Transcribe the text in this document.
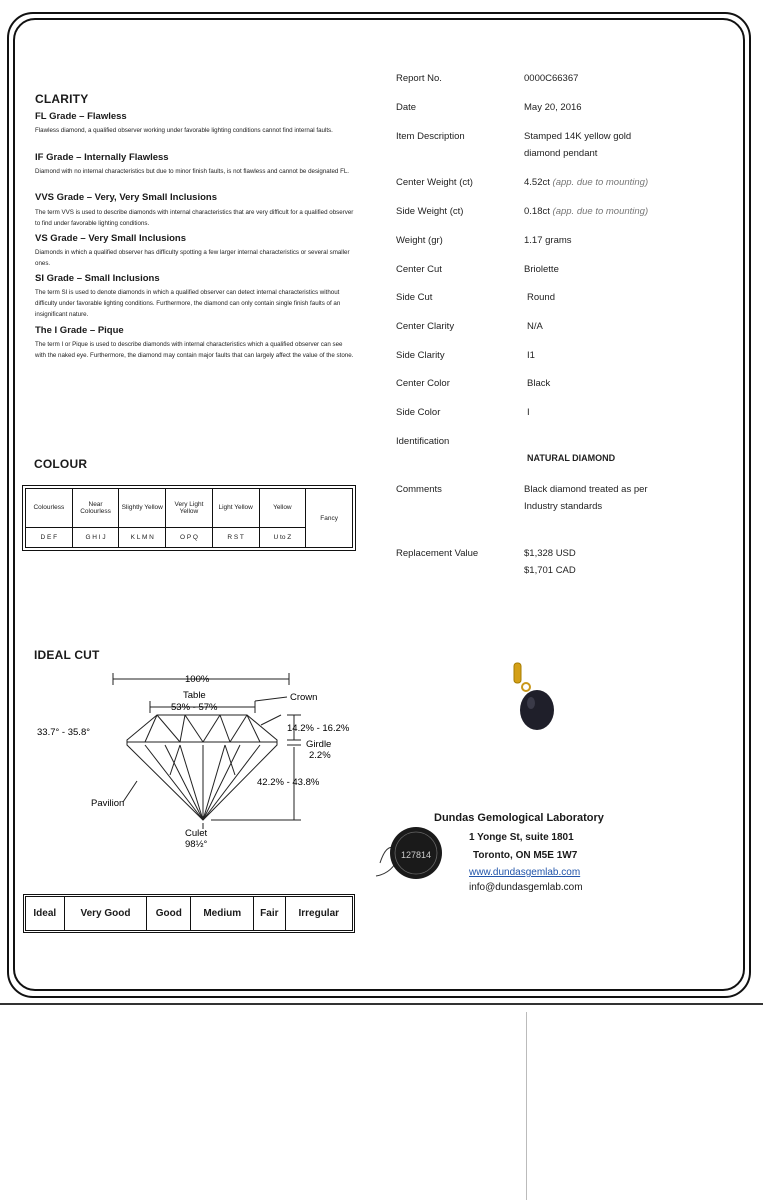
CLARITY
FL Grade – Flawless
Flawless diamond, a qualified observer working under favorable lighting conditions cannot find internal faults.
IF Grade – Internally Flawless
Diamond with no internal characteristics but due to minor finish faults, is not flawless and cannot be designated FL.
VVS Grade – Very, Very Small Inclusions
The term VVS is used to describe diamonds with internal characteristics that are very difficult for a qualified observer to find under favorable lighting conditions.
VS Grade – Very Small Inclusions
Diamonds in which a qualified observer has difficulty spotting a few larger internal characteristics or several smaller ones.
SI Grade – Small Inclusions
The term SI is used to denote diamonds in which a qualified observer can detect internal characteristics without difficulty under favorable lighting conditions. Furthermore, the diamond can only contain single finish faults of an insignificant nature.
The I Grade – Pique
The term I or Pique is used to describe diamonds with internal characteristics which a qualified observer can see with the naked eye. Furthermore, the diamond may contain major faults that can largely affect the value of the stone.
COLOUR
Colourless	Near Colourless	Slightly Yellow	Very Light Yellow	Light Yellow	Yellow	Fancy
D E F	G H I J	K L M N	O P Q	R S T	U to Z	
IDEAL CUT
100%
Table
53% - 57%
Crown
33.7° - 35.8°	14.2% - 16.2%
Girdle
2.2%
42.2% - 43.8%
Pavilion
Culet
98½°
Ideal	Very Good	Good	Medium	Fair	Irregular
Report No.	0000C66367
Date	May 20, 2016
Item Description	Stamped 14K yellow gold
diamond pendant
Center Weight (ct)	4.52ct (app. due to mounting)
Side Weight (ct)	0.18ct (app. due to mounting)
Weight (gr)	1.17 grams
Center Cut	Briolette
Side Cut	Round
Center Clarity	N/A
Side Clarity	I1
Center Color	Black
Side Color	I
Identification
NATURAL DIAMOND
Comments	Black diamond treated as per
Industry standards
Replacement Value	$1,328 USD
$1,701 CAD
127814
Dundas Gemological Laboratory
1 Yonge St, suite 1801
Toronto, ON M5E 1W7
www.dundasgemlab.com
info@dundasgemlab.com
